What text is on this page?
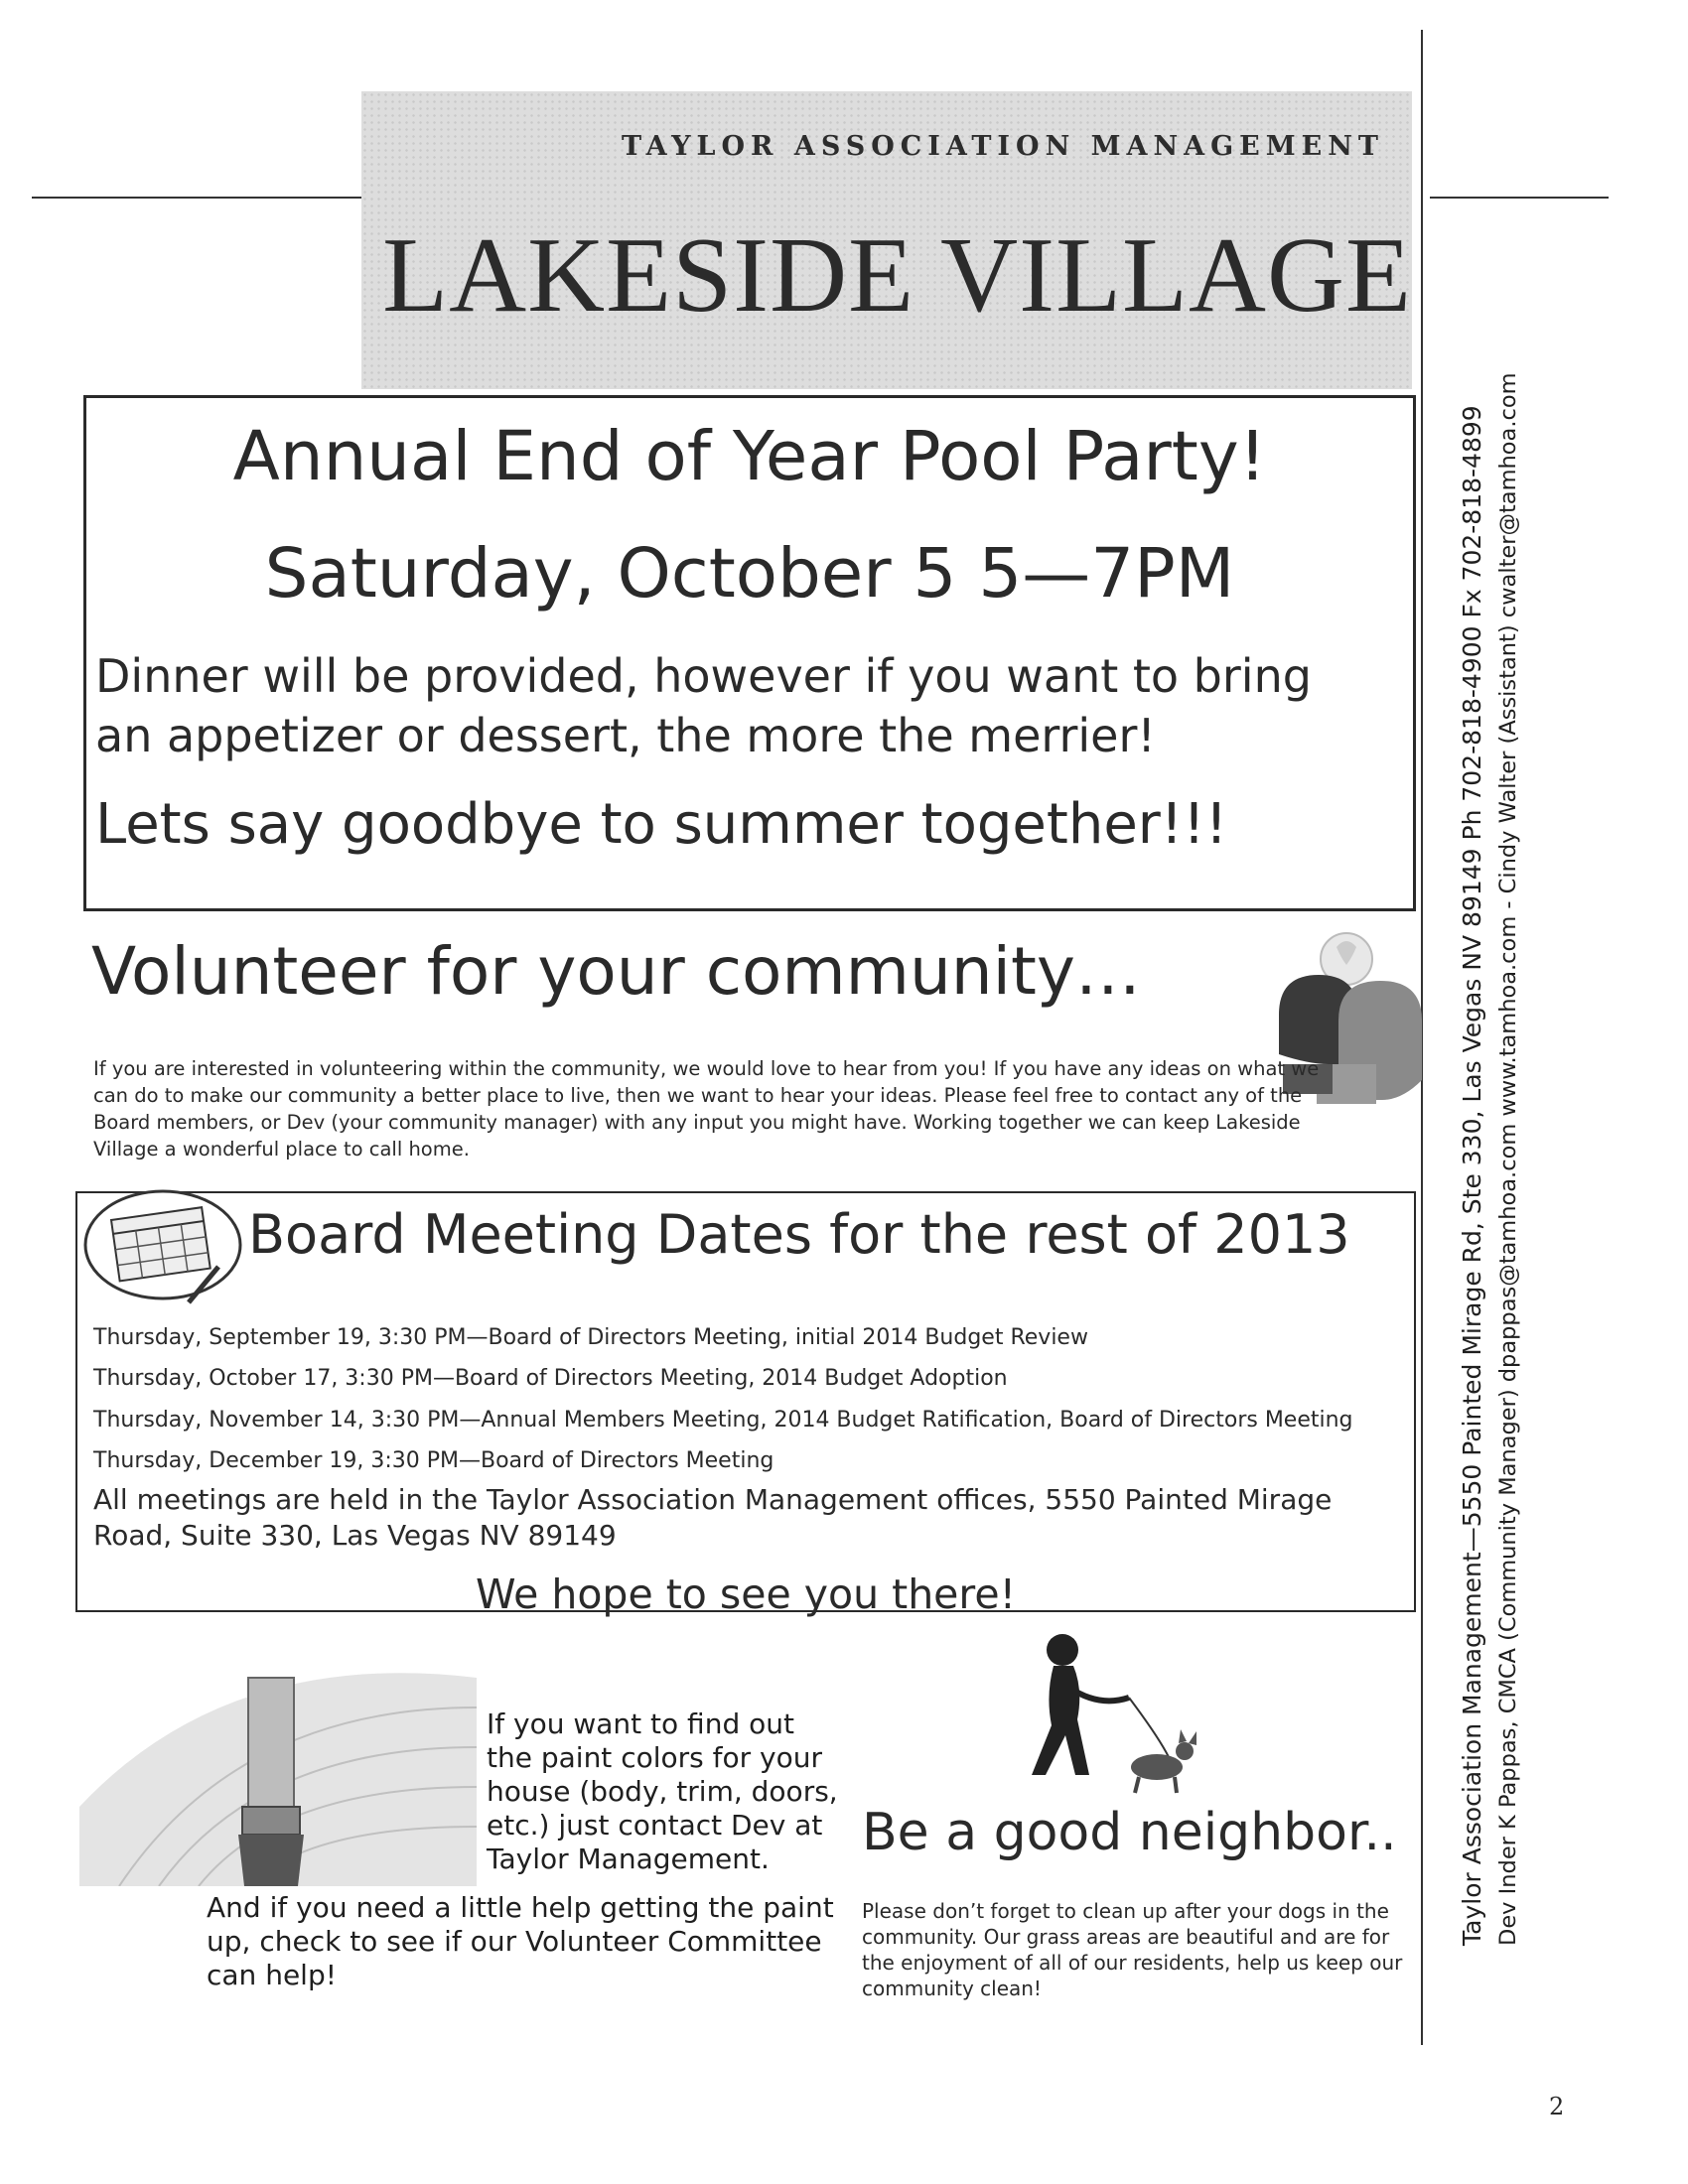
TAYLOR ASSOCIATION MANAGEMENT
LAKESIDE VILLAGE
Annual End of Year Pool Party!
Saturday, October 5 5—7PM
Dinner will be provided, however if you want to bring
an appetizer or dessert, the more the merrier!
Lets say goodbye to summer together!!!
Volunteer for your community…
If you are interested in volunteering within the community, we would love to hear from you! If you have any ideas on what we can do to make our community a better place to live, then we want to hear your ideas. Please feel free to contact any of the Board members, or Dev (your community manager) with any input you might have. Working together we can keep Lakeside Village a wonderful place to call home.
Board Meeting Dates for the rest of 2013
Thursday, September 19, 3:30 PM—Board of Directors Meeting, initial 2014 Budget Review
Thursday, October 17, 3:30 PM—Board of Directors Meeting, 2014 Budget Adoption
Thursday, November 14, 3:30 PM—Annual Members Meeting, 2014 Budget Ratification, Board of Directors Meeting
Thursday, December 19, 3:30 PM—Board of Directors Meeting
All meetings are held in the Taylor Association Management offices, 5550 Painted Mirage Road, Suite 330, Las Vegas NV 89149
We hope to see you there!
If you want to find out
the paint colors for your
house (body, trim, doors,
etc.) just contact Dev at
Taylor Management.
And if you need a little help getting the paint up, check to see if our Volunteer Committee can help!
Be a good neighbor..
Please don’t forget to clean up after your dogs in the community. Our grass areas are beautiful and are for the enjoyment of all of our residents, help us keep our community clean!
Taylor Association Management—5550 Painted Mirage Rd, Ste 330, Las Vegas NV 89149 Ph 702-818-4900 Fx 702-818-4899 Dev Inder K Pappas, CMCA (Community Manager) dpappas@tamhoa.com www.tamhoa.com - Cindy Walter (Assistant) cwalter@tamhoa.com
2
